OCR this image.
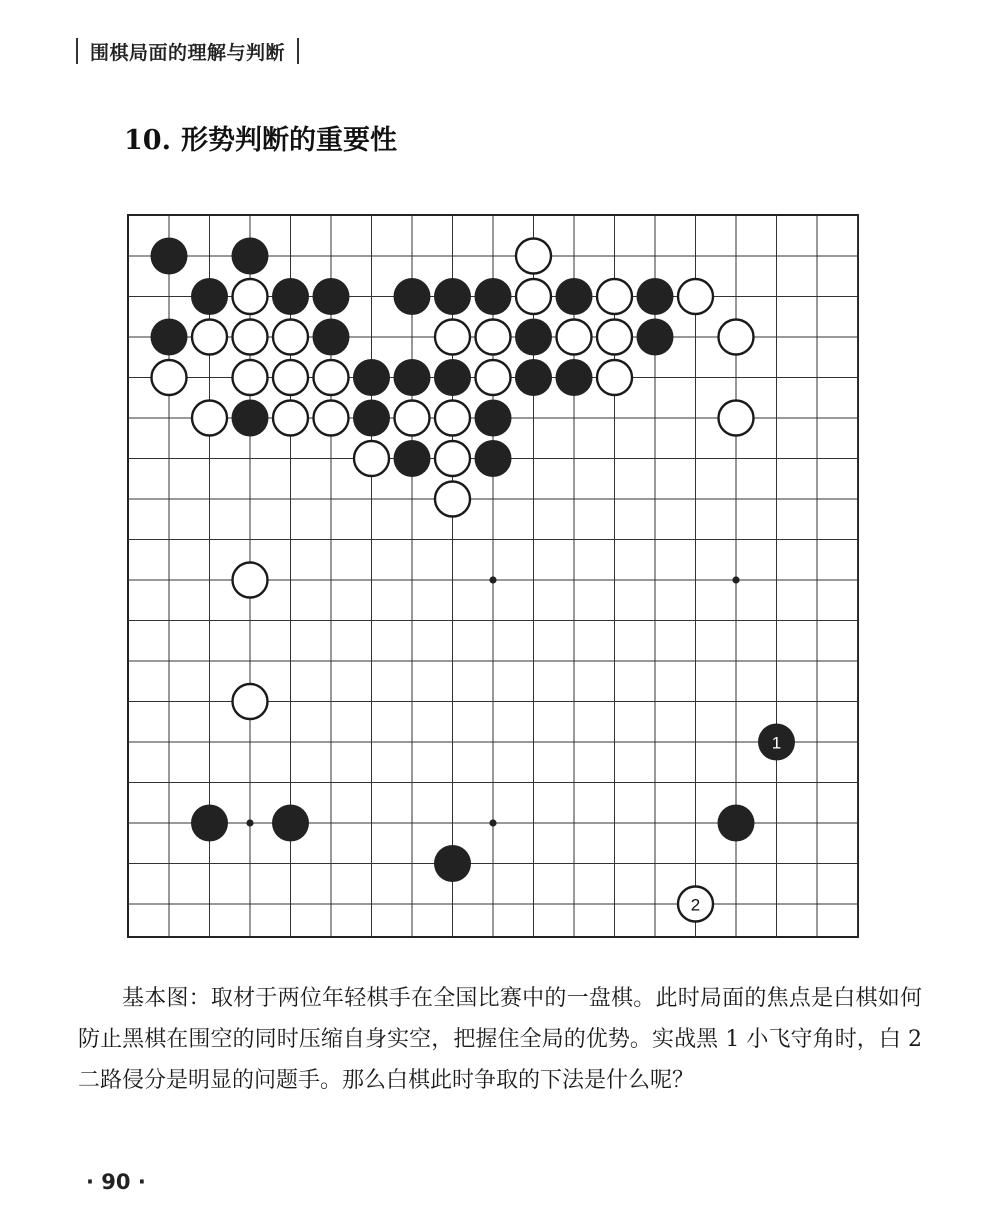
围棋局面的理解与判断
10. 形势判断的重要性
1
2

基本图：取材于两位年轻棋手在全国比赛中的一盘棋。此时局面的焦点是白棋如何防止黑棋在围空的同时压缩自身实空，把握住全局的优势。实战黑 1 小飞守角时，白 2 二路侵分是明显的问题手。那么白棋此时争取的下法是什么呢？

· 90 ·
